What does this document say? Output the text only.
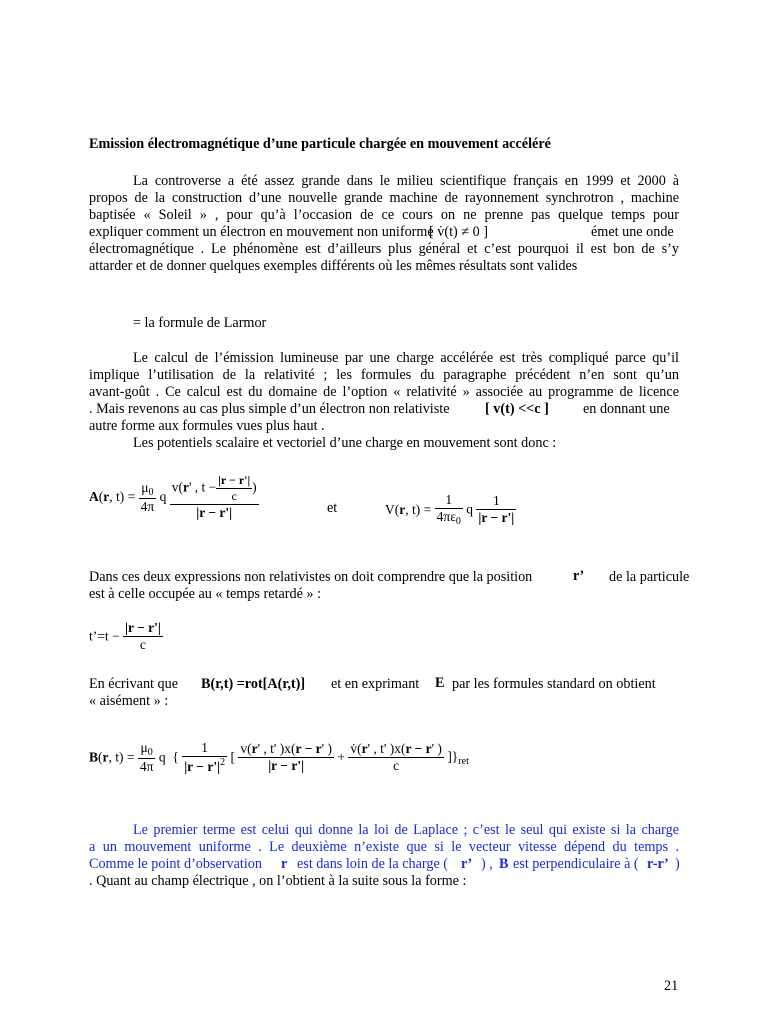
Emission électromagnétique d’une particule chargée en mouvement accéléré
La controverse a été assez grande dans le milieu scientifique français en 1999 et 2000 à
propos de la construction d’une nouvelle grande machine de rayonnement synchrotron , machine
baptisée « Soleil » , pour qu’à l’occasion de ce cours on ne prenne pas quelque temps pour
expliquer comment un électron en mouvement non uniforme
[ v̇(t) ≠ 0 ]	émet une onde
électromagnétique . Le phénomène est d’ailleurs plus général et c’est pourquoi il est bon de s’y
attarder et de donner quelques exemples différents où les mêmes résultats sont valides
= la formule de Larmor
Le calcul de l’émission lumineuse par une charge accélérée est très compliqué parce qu’il
implique l’utilisation de la relativité ; les formules du paragraphe précédent n’en sont qu’un
avant-goût . Ce calcul est du domaine de l’option « relativité » associée au programme de licence
. Mais revenons au cas plus simple d’un électron non relativiste [ v(t) <<c ] en donnant une
autre forme aux formules vues plus haut .
Les potentiels scalaire et vectoriel d’une charge en mouvement sont donc :
A(r, $t) = \frac{\mu_0}{4\pi}$ q $\frac{v(r' , t - \frac{|r - r'|}{c} )}{|r - r'|}$	et	V(r, $t) = \frac{1}{4\pi\varepsilon_0}$ q $\frac{1}{|r - r'|}$
Dans ces deux expressions non relativistes on doit comprendre que la position	r’ de la particule
est à celle occupée au « temps retardé » :
t’=t − $\frac{|r - r'|}{c}$
En écrivant que B(r,t) =rot[A(r,t)] et en exprimant E par les formules standard on obtient
« aisément » :
B(r, $t) = \frac{\mu_0}{4\pi}$ q  { $\frac{1}{|r - r'|^2}$ [ $\frac{v(r' , t' )x(r - r' )}{|r - r'|} + \frac{v̇(r' , t' )x(r - r' )}{c} ]\}_{ret}$
Le premier terme est celui qui donne la loi de Laplace ; c’est le seul qui existe si la charge
a un mouvement uniforme . Le deuxième n’existe que si le vecteur vitesse dépend du temps .
Comme le point d’observation r est dans loin de la charge ( r’ ) , B est perpendiculaire à ( r-r’ )
. Quant au champ électrique , on l’obtient à la suite sous la forme :
21
